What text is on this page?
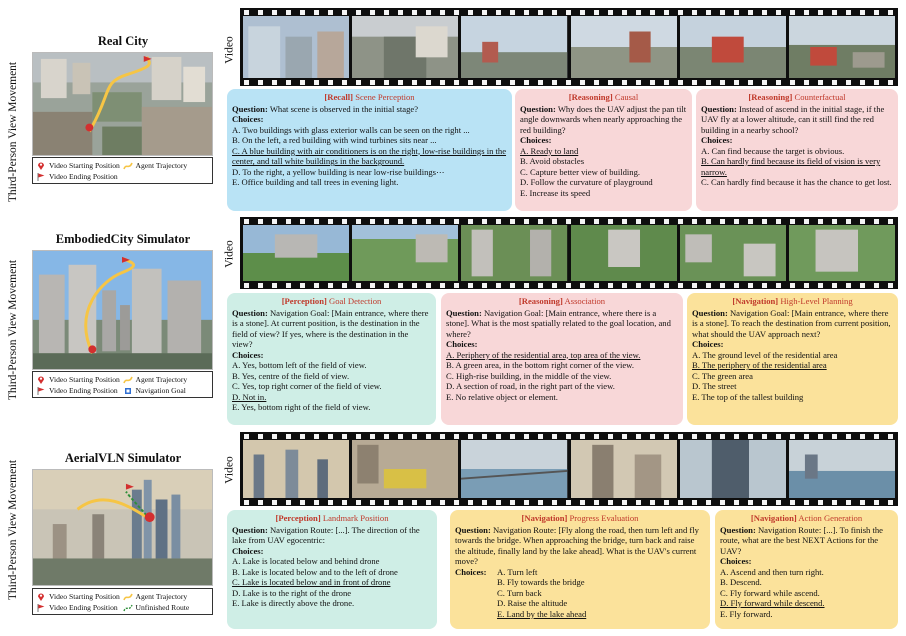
Third-Person View Movement
Real City
Video Starting Position Agent Trajectory
Video Ending Position
Third-Person View Movement
EmbodiedCity Simulator
Video Starting Position Agent Trajectory
Video Ending Position Navigation Goal
Third-Person View Movement
AerialVLN Simulator
Video Starting Position Agent Trajectory
Video Ending Position Unfinished Route
Video
Video
Video
[Recall] Scene Perception
Question: What scene is observed in the initial stage?
Choices:
A. Two buildings with glass exterior walls can be seen on the right ...
B. On the left, a red building with wind turbines sits near ...
C. A blue building with air conditioners is on the right, low-rise buildings in the center, and tall white buildings in the background.
D. To the right, a yellow building is near low-rise buildings⋯
E. Office building and tall trees in evening light.
[Reasoning] Causal
Question: Why does the UAV adjust the pan tilt angle downwards when nearly approaching the red building?
Choices:
A. Ready to land
B. Avoid obstacles
C. Capture better view of building.
D. Follow the curvature of playground
E. Increase its speed
[Reasoning] Counterfactual
Question: Instead of ascend in the initial stage, if the UAV fly at a lower altitude, can it still find the red building in a nearby school?
Choices:
A. Can find because the target is obvious.
B. Can hardly find because its field of vision is very narrow.
C. Can hardly find because it has the chance to get lost.
[Perception] Goal Detection
Question: Navigation Goal: [Main entrance, where there is a stone]. At current position, is the destination in the field of view? If yes, where is the destination in the view?
Choices:
A. Yes, bottom left of the field of view.
B. Yes, centre of the field of view.
C. Yes, top right corner of the field of view.
D. Not in.
E. Yes, bottom right of the field of view.
[Reasoning] Association
Question: Navigation Goal: [Main entrance, where there is a stone]. What is the most spatially related to the goal location, and where?
Choices:
A. Periphery of the residential area, top area of the view.
B. A green area, in the bottom right corner of the view.
C. High-rise building, in the middle of the view.
D. A section of road, in the right part of the view.
E. No relative object or element.
[Navigation] High-Level Planning
Question: Navigation Goal: [Main entrance, where there is a stone]. To reach the destination from current position, what should the UAV approach next?
Choices:
A. The ground level of the residential area
B. The periphery of the residential area
C. The green area
D. The street
E. The top of the tallest building
[Perception] Landmark Position
Question: Navigation Route: [...]. The direction of the lake from UAV egocentric:
Choices:
A. Lake is located below and behind drone
B. Lake is located below and to the left of drone
C. Lake is located below and in front of drone
D. Lake is to the right of the drone
E. Lake is directly above the drone.
[Navigation] Progress Evaluation
Question: Navigation Route: [Fly along the road, then turn left and fly towards the bridge. When approaching the bridge, turn back and raise the altitude, finally land by the lake ahead]. What is the UAV's current move?
Choices:	A. Turn left
B. Fly towards the bridge
C. Turn back
D. Raise the altitude
E. Land by the lake ahead
[Navigation] Action Generation
Question: Navigation Route: [...]. To finish the route, what are the best NEXT Actions for the UAV?
Choices:
A. Ascend and then turn right.
B. Descend.
C. Fly forward while ascend.
D. Fly forward while descend.
E. Fly forward.
